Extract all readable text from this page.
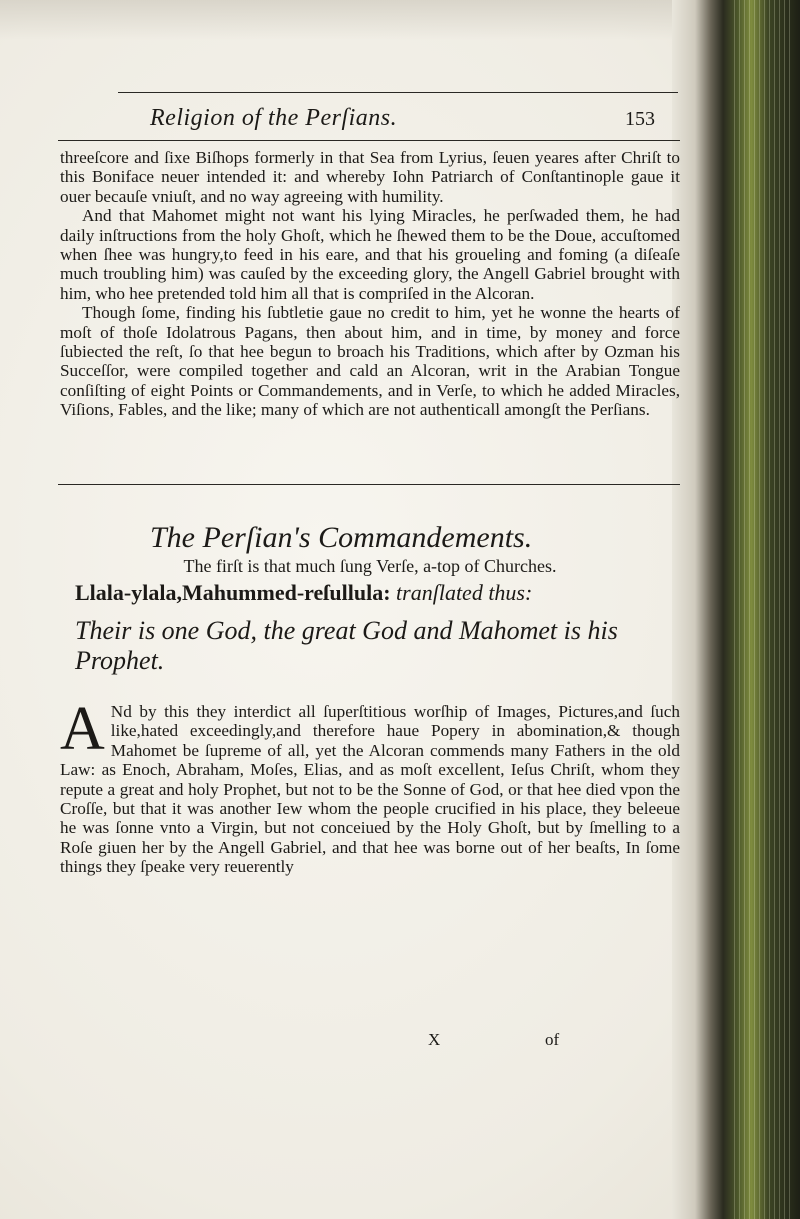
Religion of the Perſians.	153

threeſcore and ſixe Biſhops formerly in that Sea from Lyrius, ſeuen yeares after Chriſt to this Boniface neuer intended it: and whereby Iohn Patriarch of Conſtantinople gaue it ouer becauſe vniuſt, and no way agreeing with humility.

And that Mahomet might not want his lying Miracles, he perſwaded them, he had daily inſtructions from the holy Ghoſt, which he ſhewed them to be the Doue, accuſtomed when ſhee was hungry,to feed in his eare, and that his groueling and foming (a diſeaſe much troubling him) was cauſed by the exceeding glory, the Angell Gabriel brought with him, who hee pretended told him all that is compriſed in the Alcoran.

Though ſome, finding his ſubtletie gaue no credit to him, yet he wonne the hearts of moſt of thoſe Idolatrous Pagans, then about him, and in time, by money and force ſubiected the reſt, ſo that hee begun to broach his Traditions, which after by Ozman his Succeſſor, were compiled together and cald an Alcoran, writ in the Arabian Tongue conſiſting of eight Points or Commandements, and in Verſe, to which he added Miracles, Viſions, Fables, and the like; many of which are not authenticall amongſt the Perſians.

The Perſian's Commandements.
The firſt is that much ſung Verſe, a-top of Churches.
Llala-ylala,Mahummed-reſullula: tranſlated thus:
Their is one God, the great God and Mahomet is his Prophet.
A Nd by this they interdict all ſuperſtitious worſhip of Images, Pictures,and ſuch like,hated exceedingly,and therefore haue Popery in abomination,& though Mahomet be ſupreme of all, yet the Alcoran commends many Fathers in the old Law: as Enoch, Abraham, Moſes, Elias, and as moſt excellent, Ieſus Chriſt, whom they repute a great and holy Prophet, but not to be the Sonne of God, or that hee died vpon the Croſſe, but that it was another Iew whom the people crucified in his place, they beleeue he was ſonne vnto a Virgin, but not conceiued by the Holy Ghoſt, but by ſmelling to a Roſe giuen her by the Angell Gabriel, and that hee was borne out of her beaſts, In ſome things they ſpeake very reuerently
X	of
